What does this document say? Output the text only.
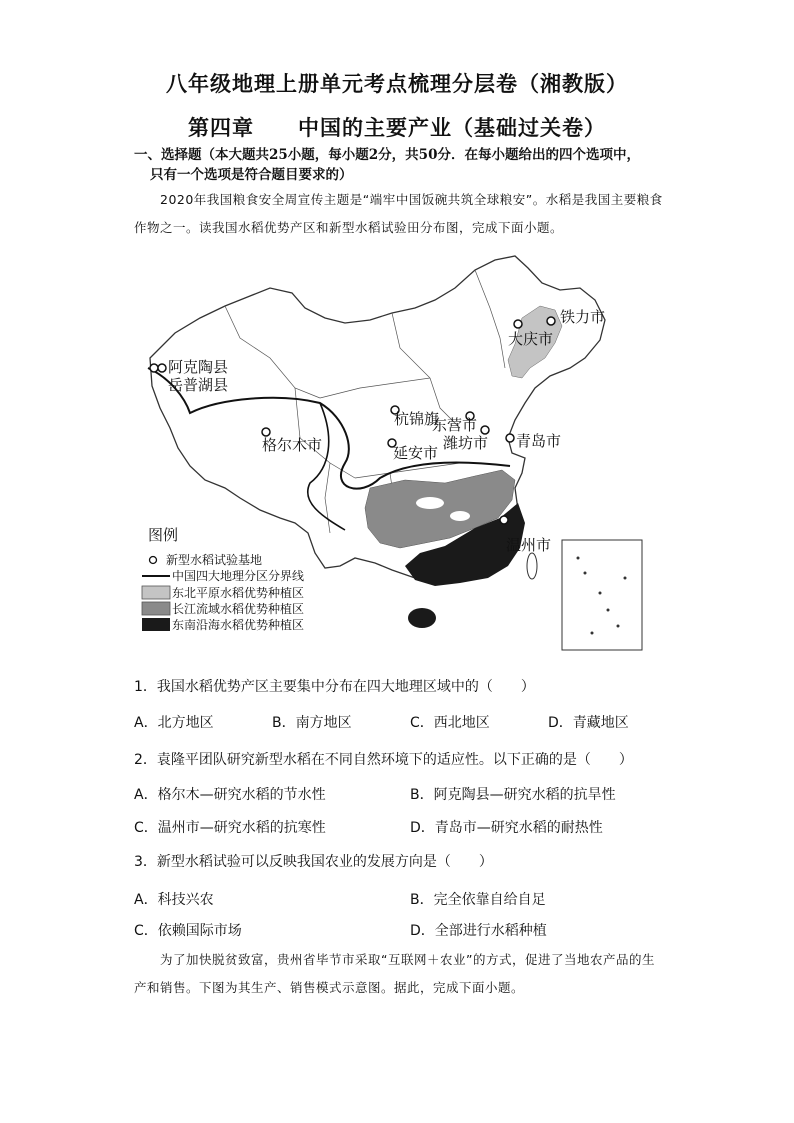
八年级地理上册单元考点梳理分层卷（湘教版）
第四章　　中国的主要产业（基础过关卷）
一、选择题（本大题共25小题，每小题2分，共50分．在每小题给出的四个选项中，
只有一个选项是符合题目要求的）
2020年我国粮食安全周宣传主题是“端牢中国饭碗共筑全球粮安”。水稻是我国主要粮食作物之一。读我国水稻优势产区和新型水稻试验田分布图，完成下面小题。
阿克陶县
岳普湖县
格尔木市
杭锦旗
东营市
潍坊市 青岛市
延安市
大庆市
铁力市
温州市
图例
新型水稻试验基地
中国四大地理分区分界线
东北平原水稻优势种植区
长江流域水稻优势种植区
东南沿海水稻优势种植区
1．我国水稻优势产区主要集中分布在四大地理区域中的（　　）
A．北方地区	B．南方地区	C．西北地区	D．青藏地区
2．袁隆平团队研究新型水稻在不同自然环境下的适应性。以下正确的是（　　）
A．格尔木—研究水稻的节水性	B．阿克陶县—研究水稻的抗旱性
C．温州市—研究水稻的抗寒性	D．青岛市—研究水稻的耐热性
3．新型水稻试验可以反映我国农业的发展方向是（　　）
A．科技兴农	B．完全依靠自给自足
C．依赖国际市场	D．全部进行水稻种植
为了加快脱贫致富，贵州省毕节市采取“互联网＋农业”的方式，促进了当地农产品的生产和销售。下图为其生产、销售模式示意图。据此，完成下面小题。
